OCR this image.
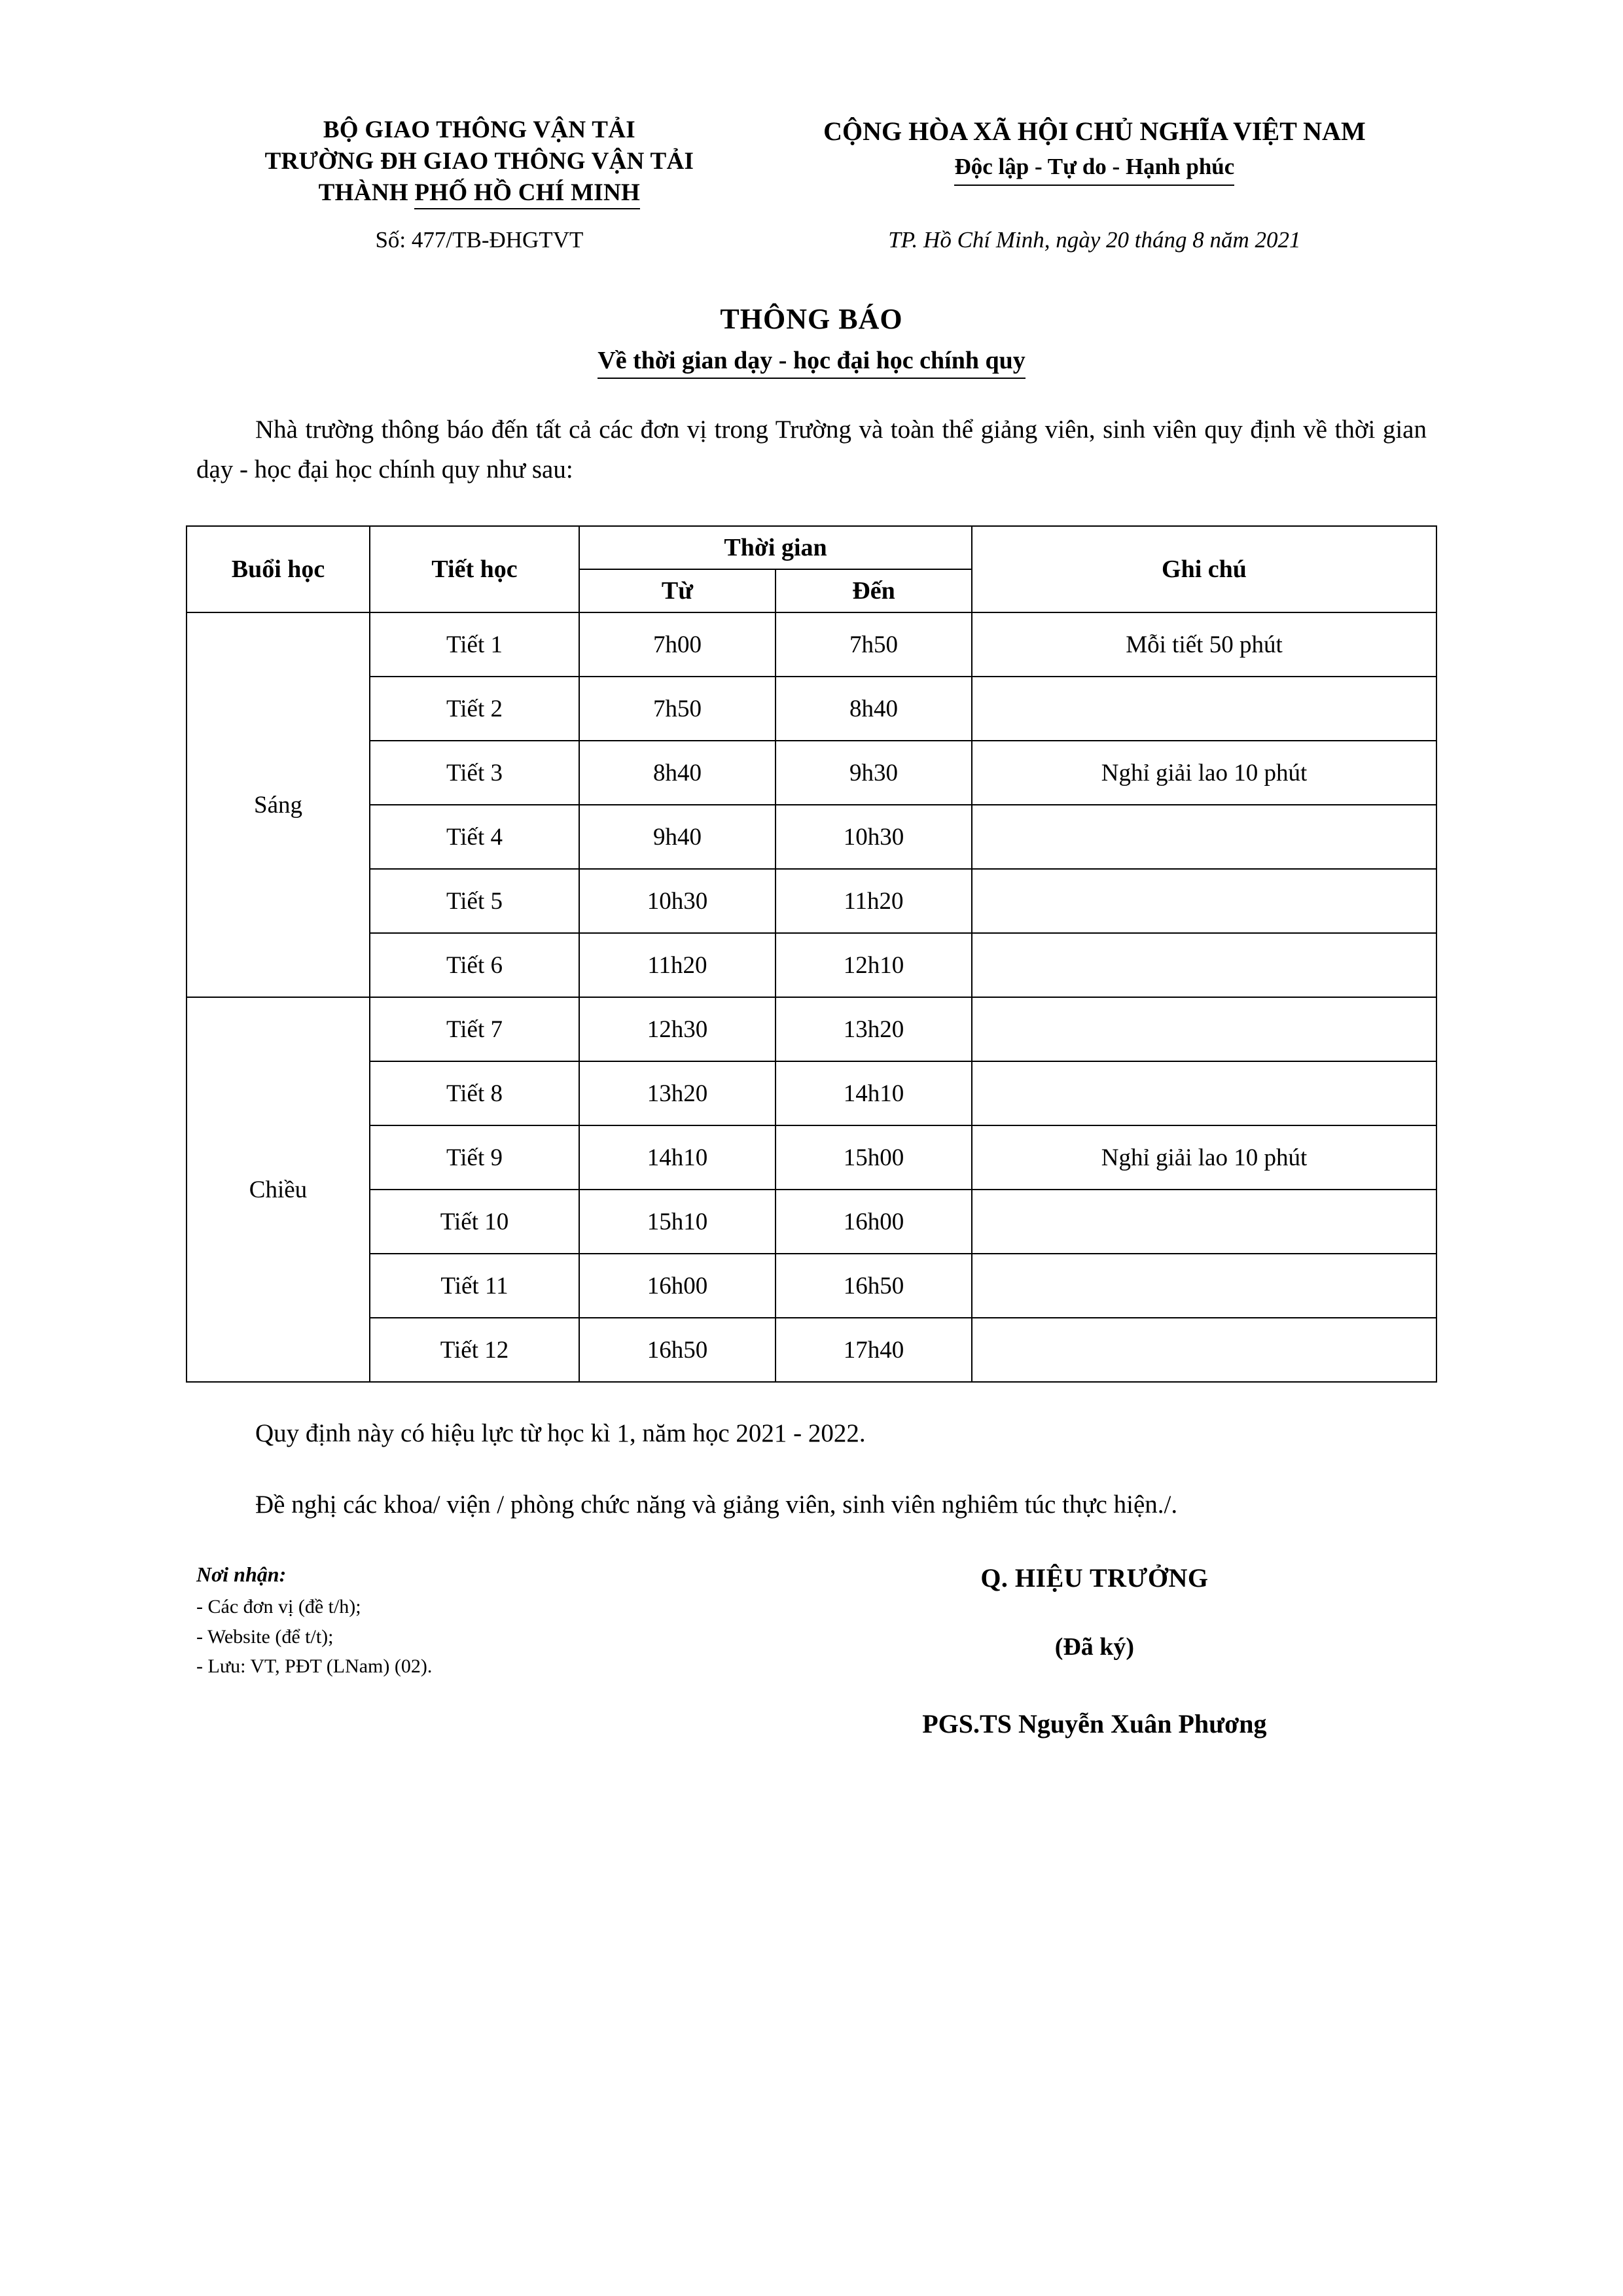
BỘ GIAO THÔNG VẬN TẢI
TRƯỜNG ĐH GIAO THÔNG VẬN TẢI
THÀNH PHỐ HỒ CHÍ MINH
CỘNG HÒA XÃ HỘI CHỦ NGHĨA VIỆT NAM
Độc lập - Tự do - Hạnh phúc
Số: 477/TB-ĐHGTVT	TP. Hồ Chí Minh, ngày 20 tháng 8 năm 2021
THÔNG BÁO
Về thời gian dạy - học đại học chính quy
Nhà trường thông báo đến tất cả các đơn vị trong Trường và toàn thể giảng viên, sinh viên quy định về thời gian dạy - học đại học chính quy như sau:
Buổi học	Tiết học	Thời gian		Ghi chú
		Từ	Đến	
Sáng	Tiết 1	7h00	7h50	Mỗi tiết 50 phút
	Tiết 2	7h50	8h40	
	Tiết 3	8h40	9h30	Nghỉ giải lao 10 phút
	Tiết 4	9h40	10h30	
	Tiết 5	10h30	11h20	
	Tiết 6	11h20	12h10	
Chiều	Tiết 7	12h30	13h20	
	Tiết 8	13h20	14h10	
	Tiết 9	14h10	15h00	Nghỉ giải lao 10 phút
	Tiết 10	15h10	16h00	
	Tiết 11	16h00	16h50	
	Tiết 12	16h50	17h40	
Quy định này có hiệu lực từ học kì 1, năm học 2021 - 2022.
Đề nghị các khoa/ viện / phòng chức năng và giảng viên, sinh viên nghiêm túc thực hiện./.
Nơi nhận:
- Các đơn vị (đề t/h);
- Website (để t/t);
- Lưu: VT, PĐT (LNam) (02).
Q. HIỆU TRƯỞNG
(Đã ký)
PGS.TS Nguyễn Xuân Phương
